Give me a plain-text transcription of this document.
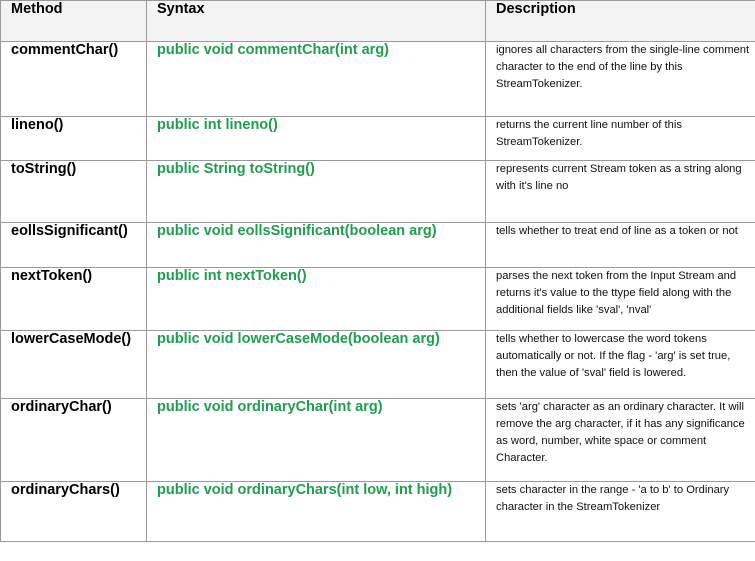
Method	Syntax	Description
commentChar()	public void commentChar(int arg)	ignores all characters from the single-line comment character to the end of the line by this StreamTokenizer.
lineno()	public int lineno()	returns the current line number of this StreamTokenizer.
toString()	public String toString()	represents current Stream token as a string along with it's line no
eollsSignificant()	public void eollsSignificant(boolean arg)	tells whether to treat end of line as a token or not
nextToken()	public int nextToken()	parses the next token from the Input Stream and returns it's value to the ttype field along with the additional fields like 'sval', 'nval'
lowerCaseMode()	public void lowerCaseMode(boolean arg)	tells whether to lowercase the word tokens automatically or not. If the flag - 'arg' is set true, then the value of 'sval' field is lowered.
ordinaryChar()	public void ordinaryChar(int arg)	sets 'arg' character as an ordinary character. It will remove the arg character, if it has any significance as word, number, white space or comment Character.
ordinaryChars()	public void ordinaryChars(int low, int high)	sets character in the range - 'a to b' to Ordinary character in the StreamTokenizer
